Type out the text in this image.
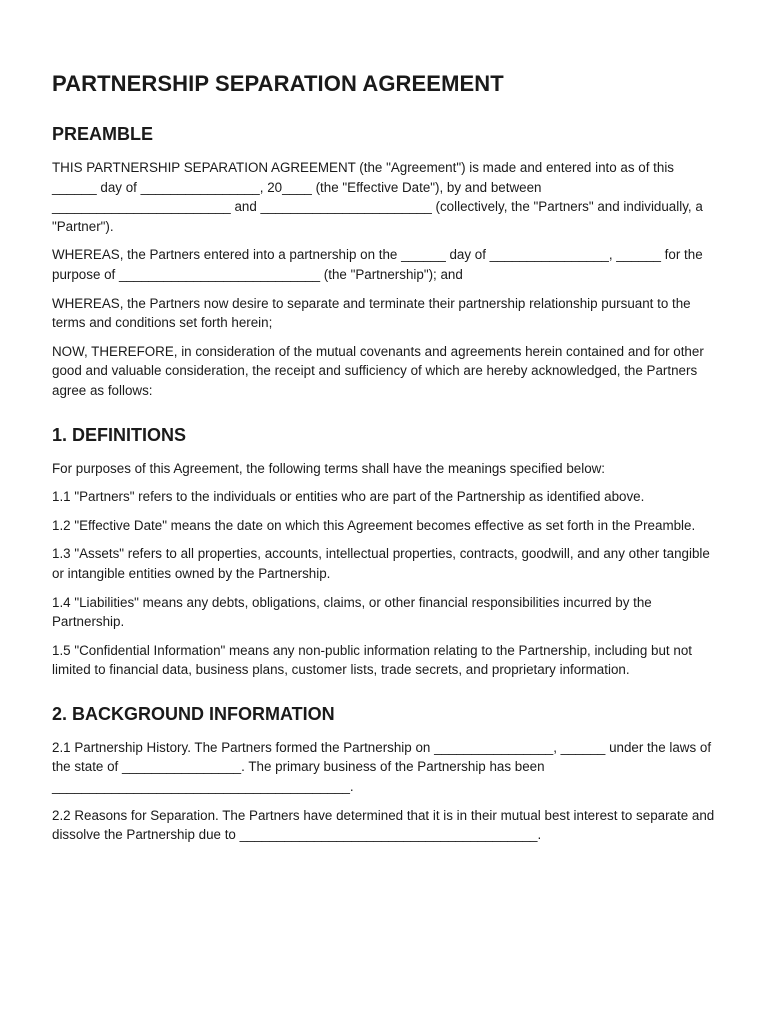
PARTNERSHIP SEPARATION AGREEMENT
PREAMBLE

THIS PARTNERSHIP SEPARATION AGREEMENT (the "Agreement") is made and entered into as of this ______ day of ________________, 20____ (the "Effective Date"), by and between ________________________ and _______________________ (collectively, the "Partners" and individually, a "Partner").

WHEREAS, the Partners entered into a partnership on the ______ day of ________________, ______ for the purpose of ___________________________ (the "Partnership"); and

WHEREAS, the Partners now desire to separate and terminate their partnership relationship pursuant to the terms and conditions set forth herein;

NOW, THEREFORE, in consideration of the mutual covenants and agreements herein contained and for other good and valuable consideration, the receipt and sufficiency of which are hereby acknowledged, the Partners agree as follows:

1. DEFINITIONS

For purposes of this Agreement, the following terms shall have the meanings specified below:

1.1 "Partners" refers to the individuals or entities who are part of the Partnership as identified above.

1.2 "Effective Date" means the date on which this Agreement becomes effective as set forth in the Preamble.

1.3 "Assets" refers to all properties, accounts, intellectual properties, contracts, goodwill, and any other tangible or intangible entities owned by the Partnership.

1.4 "Liabilities" means any debts, obligations, claims, or other financial responsibilities incurred by the Partnership.

1.5 "Confidential Information" means any non-public information relating to the Partnership, including but not limited to financial data, business plans, customer lists, trade secrets, and proprietary information.

2. BACKGROUND INFORMATION

2.1 Partnership History. The Partners formed the Partnership on ________________, ______ under the laws of the state of ________________. The primary business of the Partnership has been ________________________________________.

2.2 Reasons for Separation. The Partners have determined that it is in their mutual best interest to separate and dissolve the Partnership due to ________________________________________.
